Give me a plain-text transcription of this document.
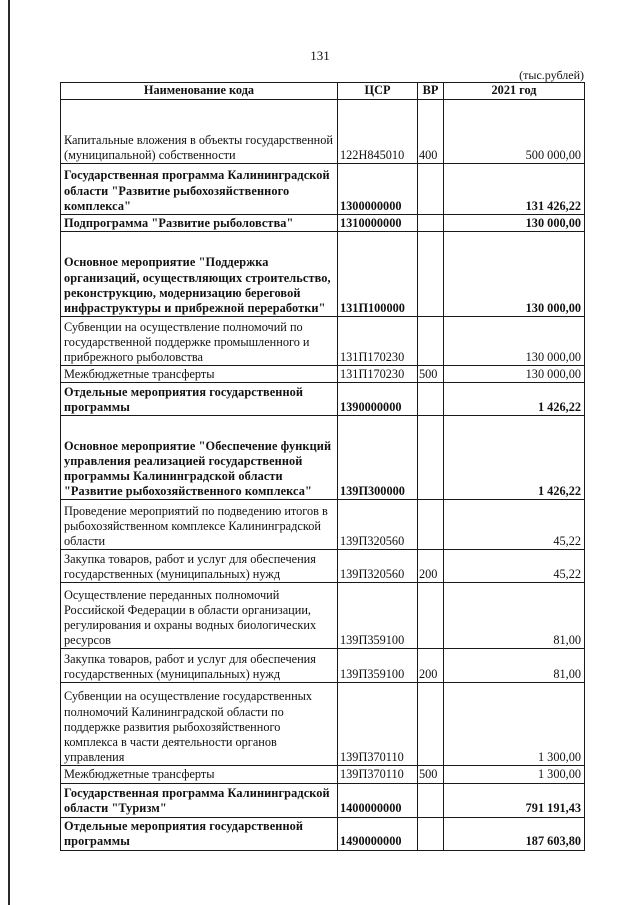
131
(тыс.рублей)
Наименование кода	ЦСР	ВР	2021 год
Капитальные вложения в объекты государственной (муниципальной) собственности	122Н845010	400	500 000,00
Государственная программа Калининградской области "Развитие рыбохозяйственного комплекса"	1300000000		131 426,22
Подпрограмма "Развитие рыболовства"	1310000000		130 000,00
Основное мероприятие "Поддержка организаций, осуществляющих строительство, реконструкцию, модернизацию береговой инфраструктуры и прибрежной переработки"	131П100000		130 000,00
Субвенции на осуществление полномочий по государственной поддержке промышленного и прибрежного рыболовства	131П170230		130 000,00
Межбюджетные трансферты	131П170230	500	130 000,00
Отдельные мероприятия государственной программы	1390000000		1 426,22
Основное мероприятие "Обеспечение функций управления реализацией государственной программы Калининградской области "Развитие рыбохозяйственного комплекса"	139П300000		1 426,22
Проведение мероприятий по подведению итогов в рыбохозяйственном комплексе Калининградской области	139П320560		45,22
Закупка товаров, работ и услуг для обеспечения государственных (муниципальных) нужд	139П320560	200	45,22
Осуществление переданных полномочий Российской Федерации в области организации, регулирования и охраны водных биологических ресурсов	139П359100		81,00
Закупка товаров, работ и услуг для обеспечения государственных (муниципальных) нужд	139П359100	200	81,00
Субвенции на осуществление государственных полномочий Калининградской области по поддержке развития рыбохозяйственного комплекса в части деятельности органов управления	139П370110		1 300,00
Межбюджетные трансферты	139П370110	500	1 300,00
Государственная программа Калининградской области "Туризм"	1400000000		791 191,43
Отдельные мероприятия государственной программы	1490000000		187 603,80
